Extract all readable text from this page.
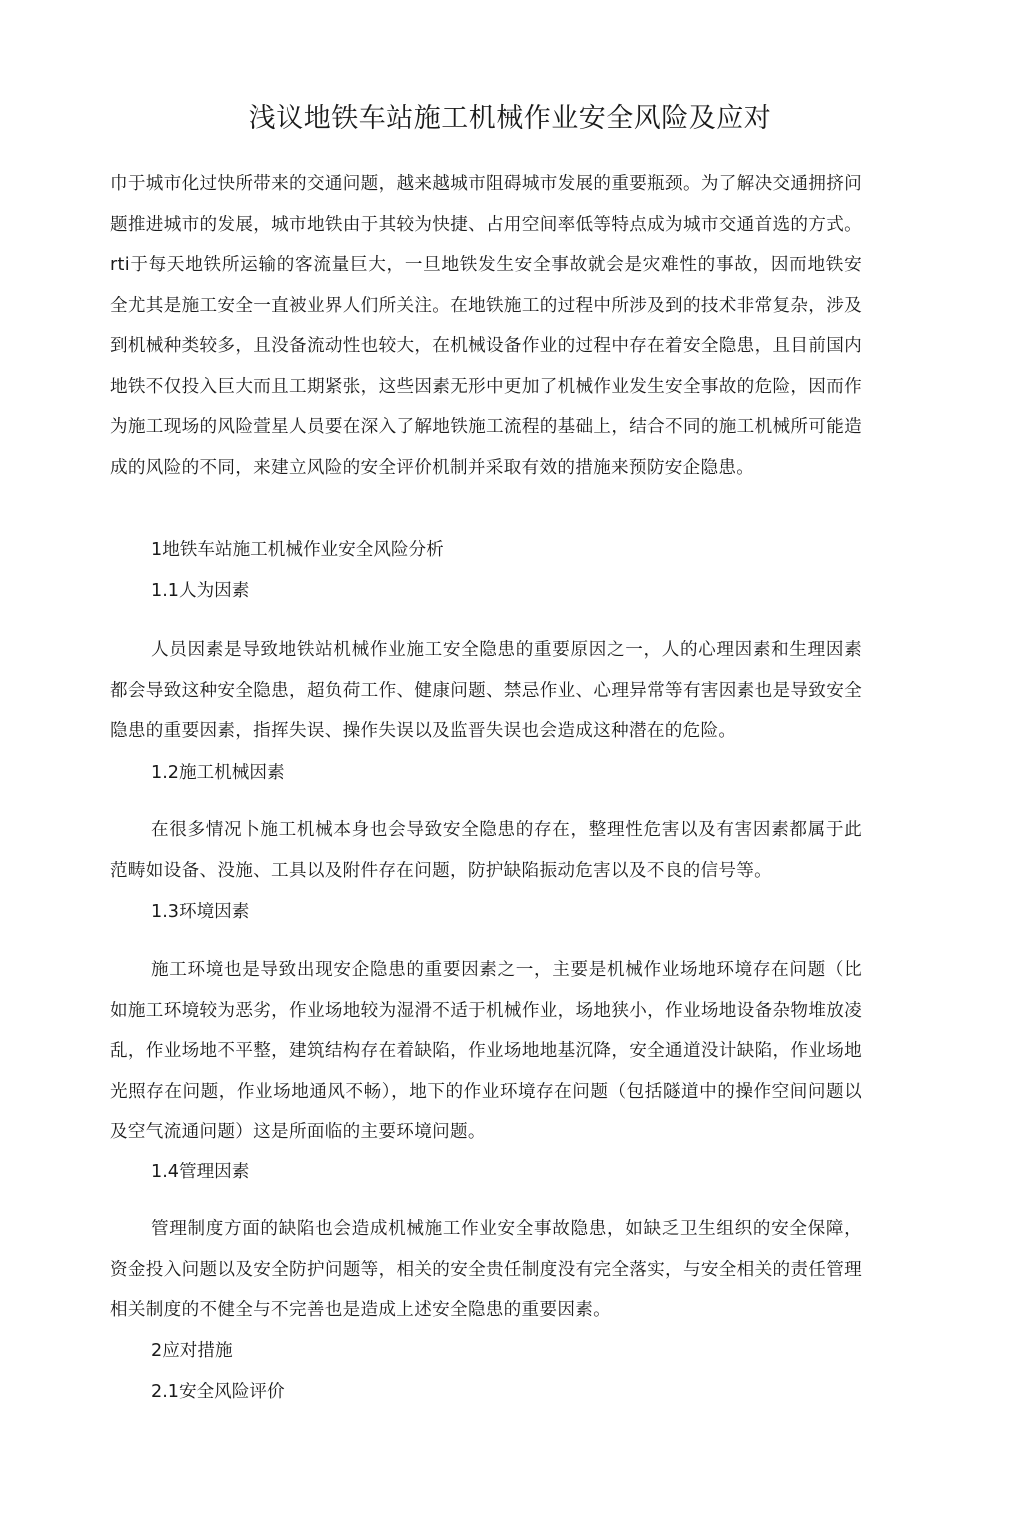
浅议地铁车站施工机械作业安全风险及应对

巾于城市化过快所带来的交通问题，越来越城市阻碍城市发展的重要瓶颈。为了解决交通拥挤问题推进城市的发展，城市地铁由于其较为快捷、占用空间率低等特点成为城市交通首选的方式。rti于每天地铁所运输的客流量巨大，一旦地铁发生安全事故就会是灾难性的事故，因而地铁安全尤其是施工安全一直被业界人们所关注。在地铁施工的过程中所涉及到的技术非常复杂，涉及到机械种类较多，且没备流动性也较大，在机械设备作业的过程中存在着安全隐患，且目前国内地铁不仅投入巨大而且工期紧张，这些因素无形中更加了机械作业发生安全事故的危险，因而作为施工现场的风险萱星人员要在深入了解地铁施工流程的基础上，结合不同的施工机械所可能造成的风险的不同，来建立风险的安全评价机制并采取有效的措施来预防安企隐患。

1地铁车站施工机械作业安全风险分析
1.1人为因素

人员因素是导致地铁站机械作业施工安全隐患的重要原因之一，人的心理因素和生理因素都会导致这种安全隐患，超负荷工作、健康问题、禁忌作业、心理异常等有害因素也是导致安全隐患的重要因素，指挥失误、操作失误以及监晋失误也会造成这种潜在的危险。

1.2施工机械因素

在很多情况卜施工机械本身也会导致安全隐患的存在，整理性危害以及有害因素都属于此范畴如设备、没施、工具以及附件存在问题，防护缺陷振动危害以及不良的信号等。

1.3环境因素

施工环境也是导致出现安企隐患的重要因素之一，主要是机械作业场地环境存在问题（比如施工环境较为恶劣，作业场地较为湿滑不适于机械作业，场地狭小，作业场地设备杂物堆放凌乱，作业场地不平整，建筑结构存在着缺陷，作业场地地基沉降，安全通道没计缺陷，作业场地光照存在问题，作业场地通风不畅），地下的作业环境存在问题（包括隧道中的操作空间问题以及空气流通问题）这是所面临的主要环境问题。

1.4管理因素

管理制度方面的缺陷也会造成机械施工作业安全事故隐患，如缺乏卫生组织的安全保障，资金投入问题以及安全防护问题等，相关的安全贵任制度没有完全落实，与安全相关的责任管理相关制度的不健全与不完善也是造成上述安全隐患的重要因素。

2应对措施
2.1安全风险评价
